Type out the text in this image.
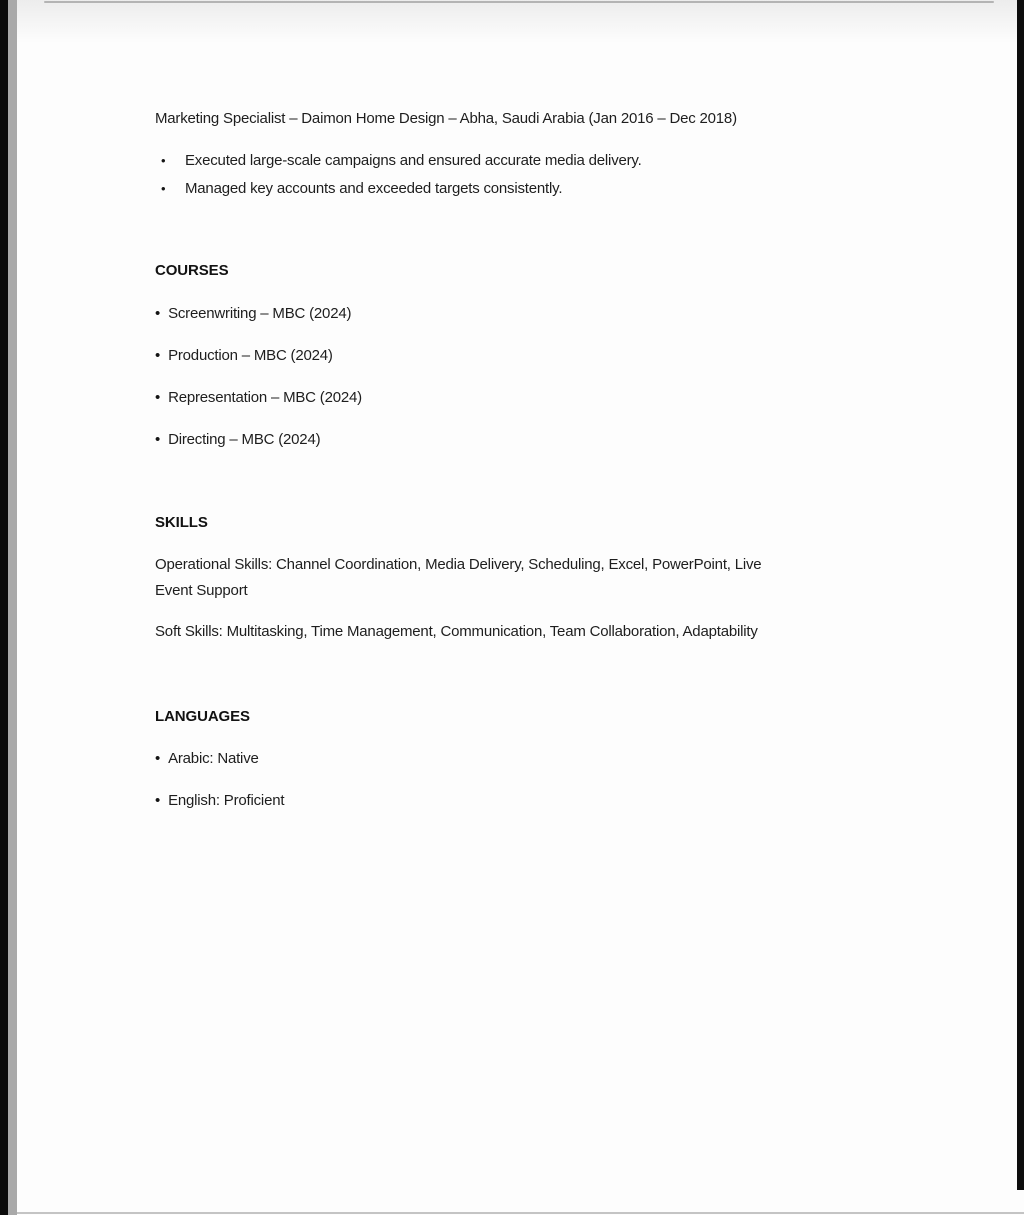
Marketing Specialist – Daimon Home Design – Abha, Saudi Arabia (Jan 2016 – Dec 2018)
•	Executed large-scale campaigns and ensured accurate media delivery.
•	Managed key accounts and exceeded targets consistently.
COURSES
• Screenwriting – MBC (2024)
• Production – MBC (2024)
• Representation – MBC (2024)
• Directing – MBC (2024)
SKILLS
Operational Skills: Channel Coordination, Media Delivery, Scheduling, Excel, PowerPoint, Live
Event Support
Soft Skills: Multitasking, Time Management, Communication, Team Collaboration, Adaptability
LANGUAGES
• Arabic: Native
• English: Proficient
